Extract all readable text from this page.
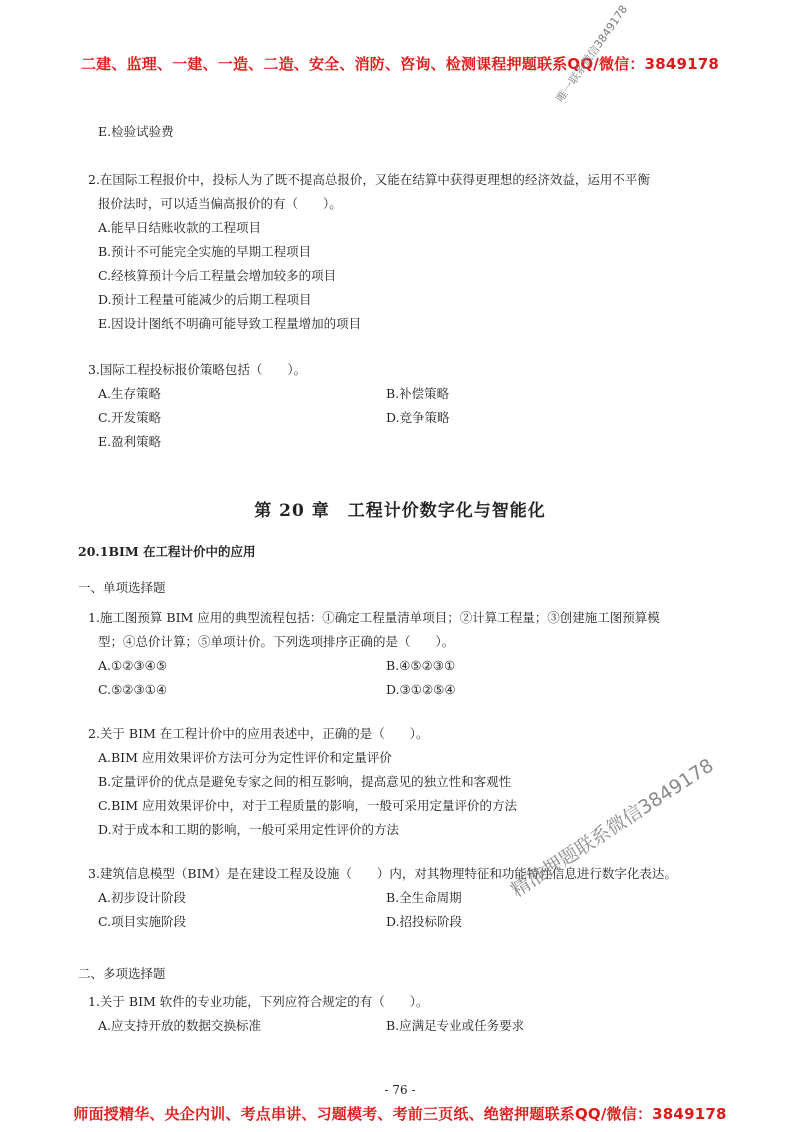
二建、监理、一建、一造、二造、安全、消防、咨询、检测课程押题联系QQ/微信：3849178
唯一联系微信3849178
E.检验试验费
2.在国际工程报价中，投标人为了既不提高总报价，又能在结算中获得更理想的经济效益，运用不平衡
报价法时，可以适当偏高报价的有（　　）。
A.能早日结账收款的工程项目
B.预计不可能完全实施的早期工程项目
C.经核算预计今后工程量会增加较多的项目
D.预计工程量可能减少的后期工程项目
E.因设计图纸不明确可能导致工程量增加的项目
3.国际工程投标报价策略包括（　　）。
A.生存策略	B.补偿策略
C.开发策略	D.竞争策略
E.盈利策略
第 20 章　工程计价数字化与智能化
20.1BIM 在工程计价中的应用
一、单项选择题
1.施工图预算 BIM 应用的典型流程包括：①确定工程量清单项目；②计算工程量；③创建施工图预算模
型；④总价计算；⑤单项计价。下列选项排序正确的是（　　）。
A.①②③④⑤	B.④⑤②③①
C.⑤②③①④	D.③①②⑤④
2.关于 BIM 在工程计价中的应用表述中，正确的是（　　）。
A.BIM 应用效果评价方法可分为定性评价和定量评价
B.定量评价的优点是避免专家之间的相互影响，提高意见的独立性和客观性
C.BIM 应用效果评价中，对于工程质量的影响，一般可采用定量评价的方法
D.对于成本和工期的影响，一般可采用定性评价的方法
3.建筑信息模型（BIM）是在建设工程及设施（　　）内，对其物理特征和功能特性信息进行数字化表达。
A.初步设计阶段	B.全生命周期
C.项目实施阶段	D.招投标阶段
二、多项选择题
1.关于 BIM 软件的专业功能，下列应符合规定的有（　　）。
A.应支持开放的数据交换标准	B.应满足专业或任务要求
精准押题联系微信3849178
- 76 -
师面授精华、央企内训、考点串讲、习题模考、考前三页纸、绝密押题联系QQ/微信：3849178
